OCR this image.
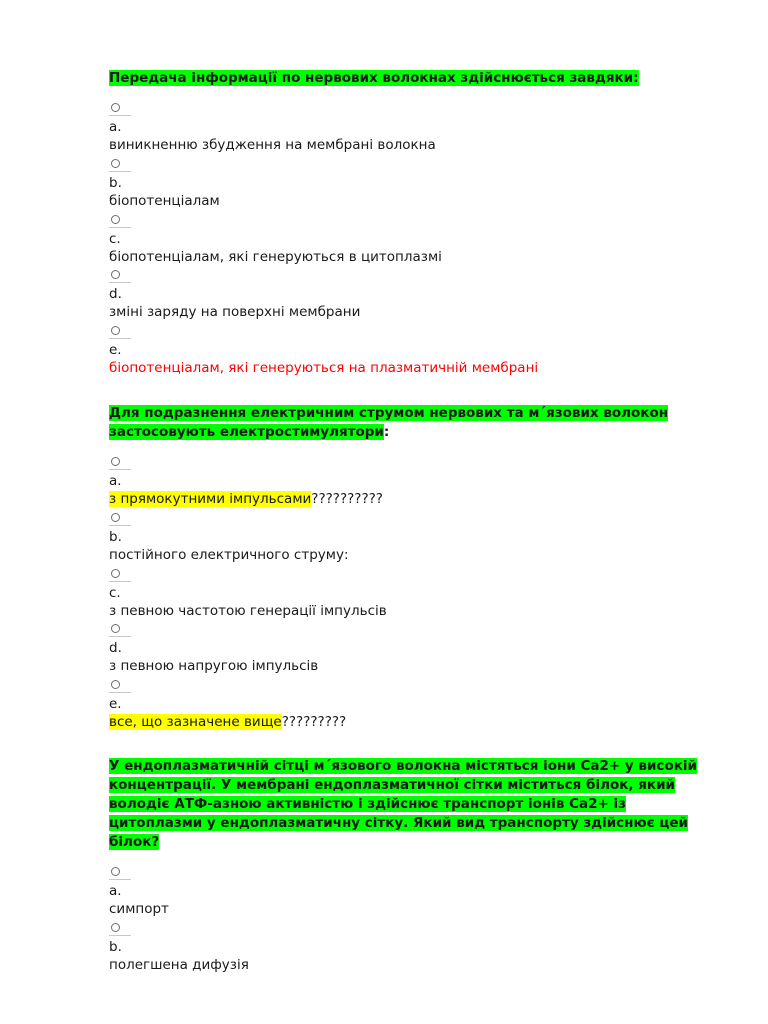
Передача інформації по нервових волокнах здійснюється завдяки:
a.
виникненню збудження на мембрані волокна
b.
біопотенціалам
c.
біопотенціалам, які генеруються в цитоплазмі
d.
зміні заряду на поверхні мембрани
e.
біопотенціалам, які генеруються на плазматичній мембрані
Для подразнення електричним струмом нервових та м´язових волокон застосовують електростимулятори:
a.
з прямокутними імпульсами??????????
b.
постійного електричного струму:
c.
з певною частотою генерації імпульсів
d.
з певною напругою імпульсів
e.
все, що зазначене вище?????????
У ендоплазматичній сітці м´язового волокна містяться іони Са2+ у високій концентрації. У мембрані ендоплазматичної сітки міститься білок, який володіє АТФ-азною активністю і здійснює транспорт іонів Са2+ із цитоплазми у ендоплазматичну сітку. Який вид транспорту здійснює цей білок?
a.
симпорт
b.
полегшена дифузія
